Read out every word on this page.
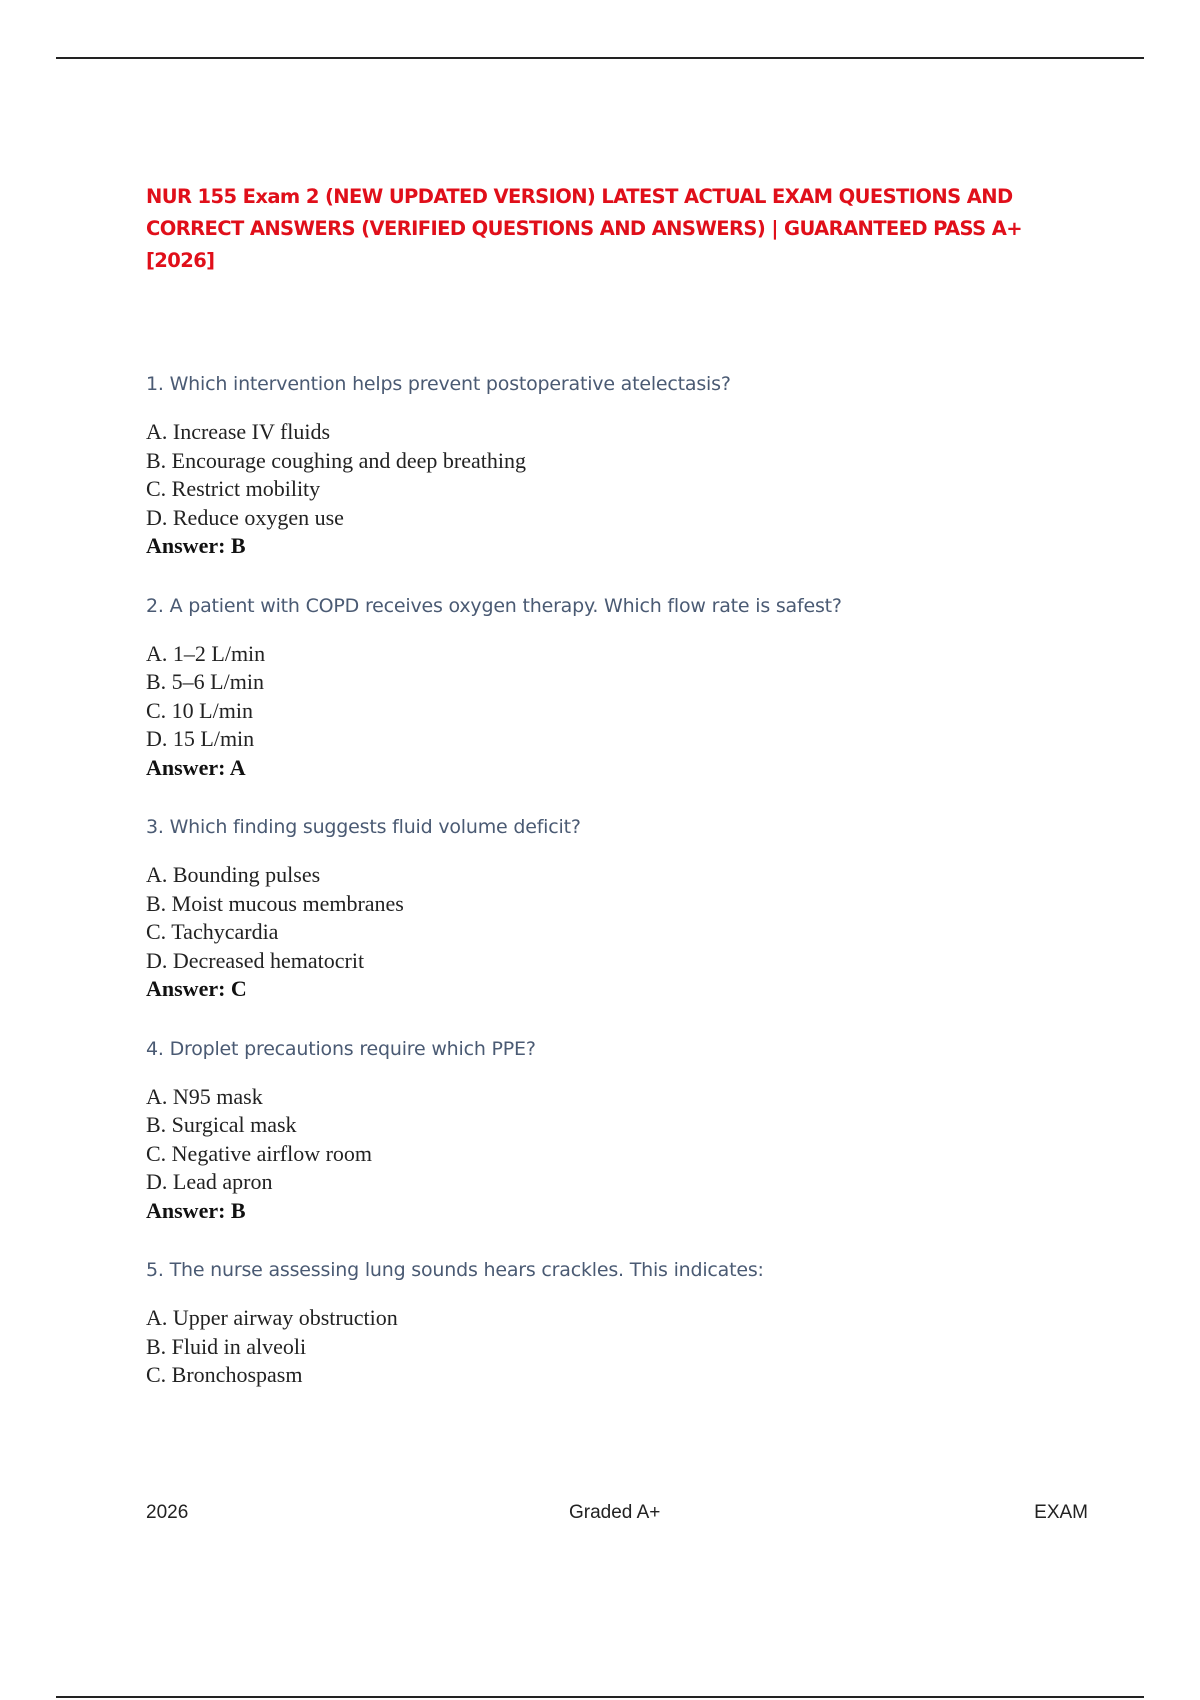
NUR 155 Exam 2 (NEW UPDATED VERSION) LATEST ACTUAL EXAM QUESTIONS AND CORRECT ANSWERS (VERIFIED QUESTIONS AND ANSWERS) | GUARANTEED PASS A+ [2026]

1. Which intervention helps prevent postoperative atelectasis?

A. Increase IV fluids
B. Encourage coughing and deep breathing
C. Restrict mobility
D. Reduce oxygen use
Answer: B

2. A patient with COPD receives oxygen therapy. Which flow rate is safest?

A. 1–2 L/min
B. 5–6 L/min
C. 10 L/min
D. 15 L/min
Answer: A

3. Which finding suggests fluid volume deficit?

A. Bounding pulses
B. Moist mucous membranes
C. Tachycardia
D. Decreased hematocrit
Answer: C

4. Droplet precautions require which PPE?

A. N95 mask
B. Surgical mask
C. Negative airflow room
D. Lead apron
Answer: B

5. The nurse assessing lung sounds hears crackles. This indicates:

A. Upper airway obstruction
B. Fluid in alveoli
C. Bronchospasm
2026	Graded A+	EXAM
